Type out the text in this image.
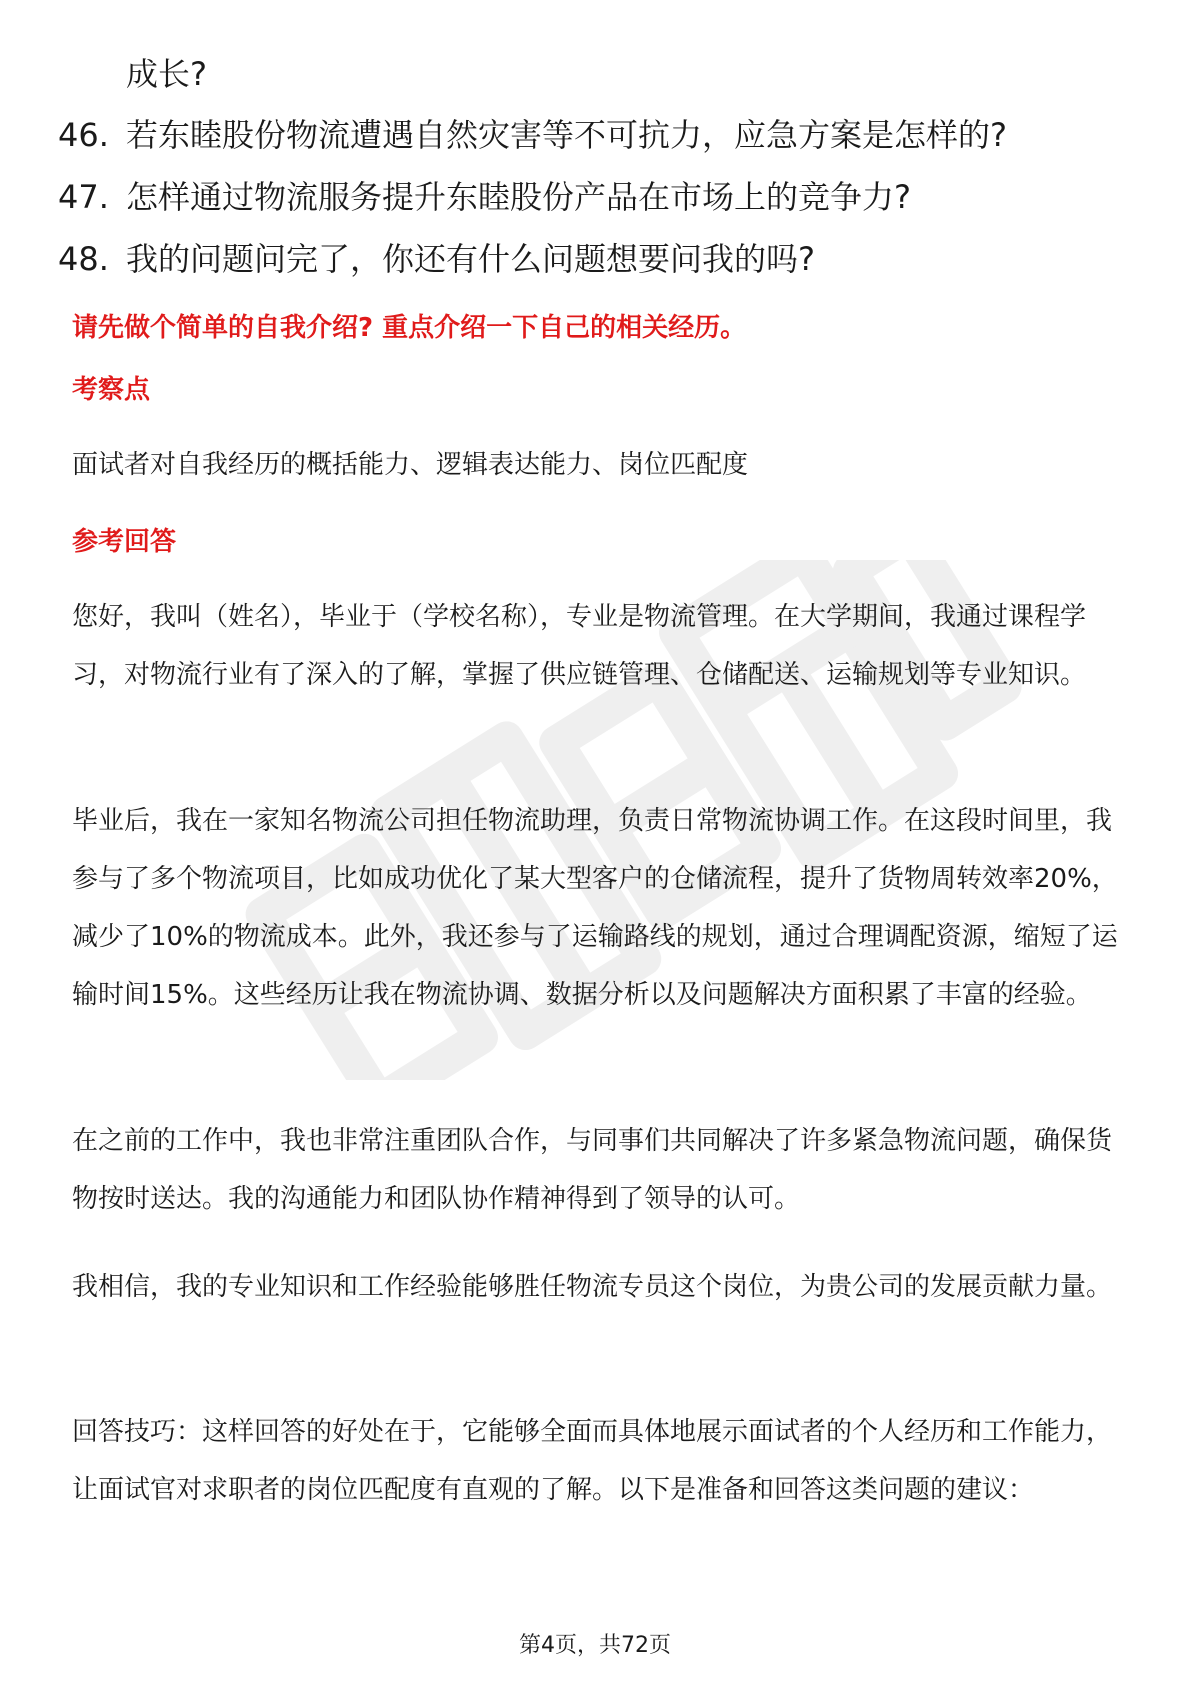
成长?
46. 若东睦股份物流遭遇自然灾害等不可抗力，应急方案是怎样的?
47. 怎样通过物流服务提升东睦股份产品在市场上的竞争力?
48. 我的问题问完了，你还有什么问题想要问我的吗?
请先做个简单的自我介绍? 重点介绍一下自己的相关经历。
考察点

面试者对自我经历的概括能力、逻辑表达能力、岗位匹配度

参考回答

您好，我叫（姓名），毕业于（学校名称），专业是物流管理。在大学期间，我通过课程学习，对物流行业有了深入的了解，掌握了供应链管理、仓储配送、运输规划等专业知识。

毕业后，我在一家知名物流公司担任物流助理，负责日常物流协调工作。在这段时间里，我参与了多个物流项目，比如成功优化了某大型客户的仓储流程，提升了货物周转效率20%，减少了10%的物流成本。此外，我还参与了运输路线的规划，通过合理调配资源，缩短了运输时间15%。这些经历让我在物流协调、数据分析以及问题解决方面积累了丰富的经验。

在之前的工作中，我也非常注重团队合作，与同事们共同解决了许多紧急物流问题，确保货物按时送达。我的沟通能力和团队协作精神得到了领导的认可。

我相信，我的专业知识和工作经验能够胜任物流专员这个岗位，为贵公司的发展贡献力量。

回答技巧：这样回答的好处在于，它能够全面而具体地展示面试者的个人经历和工作能力，让面试官对求职者的岗位匹配度有直观的了解。以下是准备和回答这类问题的建议：

第4页，共72页
